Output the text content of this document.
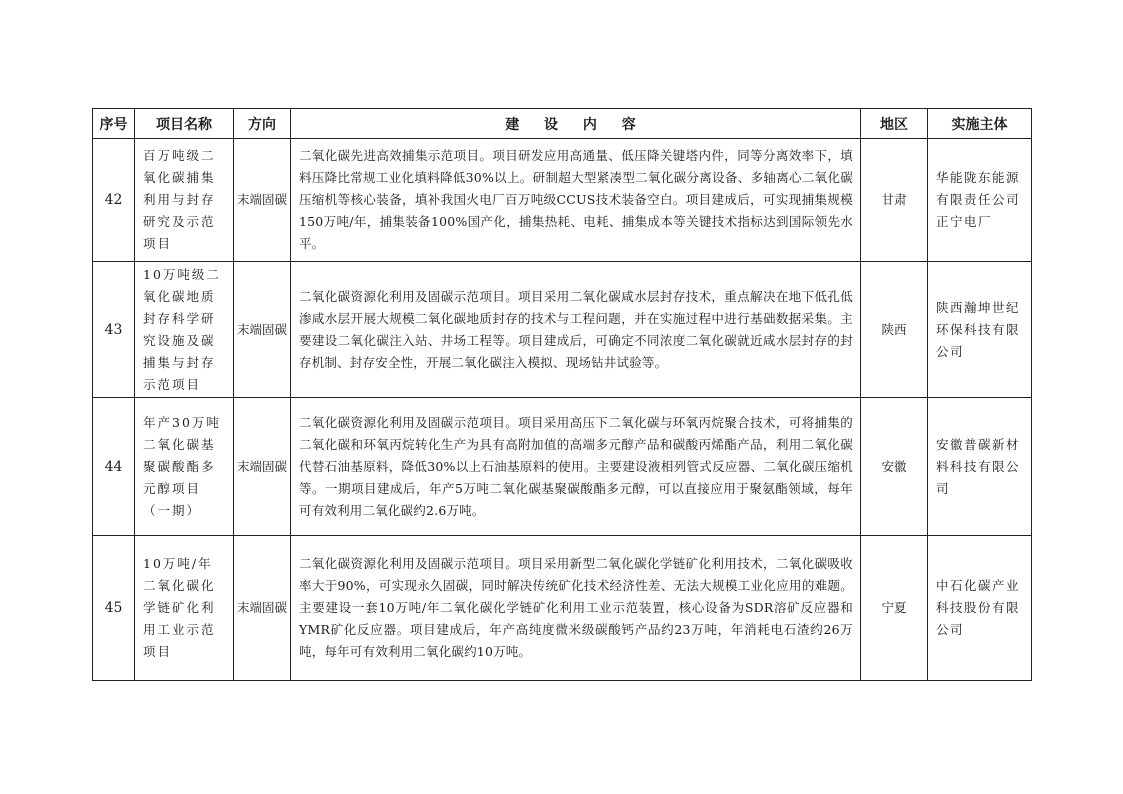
序号	项目名称	方向	建 设 内 容	地区	实施主体
42	百万吨级二氧化碳捕集利用与封存研究及示范项目	末端固碳	二氧化碳先进高效捕集示范项目。项目研发应用高通量、低压降关键塔内件，同等分离效率下，填料压降比常规工业化填料降低30%以上。研制超大型紧凑型二氧化碳分离设备、多轴离心二氧化碳压缩机等核心装备，填补我国火电厂百万吨级CCUS技术装备空白。项目建成后，可实现捕集规模150万吨/年，捕集装备100%国产化，捕集热耗、电耗、捕集成本等关键技术指标达到国际领先水平。	甘肃	华能陇东能源有限责任公司正宁电厂
43	10万吨级二氧化碳地质封存科学研究设施及碳捕集与封存示范项目	末端固碳	二氧化碳资源化利用及固碳示范项目。项目采用二氧化碳咸水层封存技术，重点解决在地下低孔低渗咸水层开展大规模二氧化碳地质封存的技术与工程问题，并在实施过程中进行基础数据采集。主要建设二氧化碳注入站、井场工程等。项目建成后，可确定不同浓度二氧化碳就近咸水层封存的封存机制、封存安全性，开展二氧化碳注入模拟、现场钻井试验等。	陕西	陕西瀚坤世纪环保科技有限公司
44	年产30万吨二氧化碳基聚碳酸酯多元醇项目（一期）	末端固碳	二氧化碳资源化利用及固碳示范项目。项目采用高压下二氧化碳与环氧丙烷聚合技术，可将捕集的二氧化碳和环氧丙烷转化生产为具有高附加值的高端多元醇产品和碳酸丙烯酯产品，利用二氧化碳代替石油基原料，降低30%以上石油基原料的使用。主要建设液相列管式反应器、二氧化碳压缩机等。一期项目建成后，年产5万吨二氧化碳基聚碳酸酯多元醇，可以直接应用于聚氨酯领域，每年可有效利用二氧化碳约2.6万吨。	安徽	安徽普碳新材料科技有限公司
45	10万吨/年二氧化碳化学链矿化利用工业示范项目	末端固碳	二氧化碳资源化利用及固碳示范项目。项目采用新型二氧化碳化学链矿化利用技术，二氧化碳吸收率大于90%，可实现永久固碳，同时解决传统矿化技术经济性差、无法大规模工业化应用的难题。主要建设一套10万吨/年二氧化碳化学链矿化利用工业示范装置，核心设备为SDR溶矿反应器和YMR矿化反应器。项目建成后，年产高纯度微米级碳酸钙产品约23万吨，年消耗电石渣约26万吨，每年可有效利用二氧化碳约10万吨。	宁夏	中石化碳产业科技股份有限公司
